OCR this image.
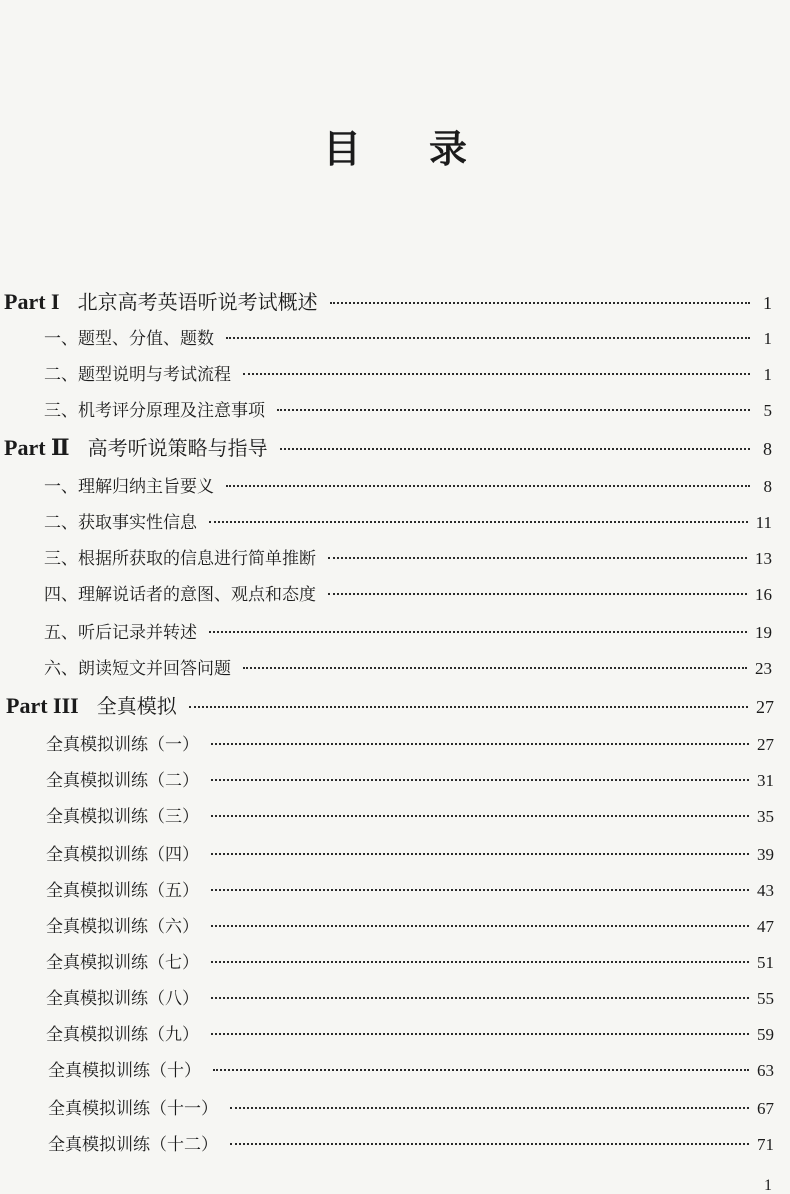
目 录
Part I 北京高考英语听说考试概述	1
一、题型、分值、题数	1
二、题型说明与考试流程	1
三、机考评分原理及注意事项	5
Part Ⅱ 高考听说策略与指导	8
一、理解归纳主旨要义	8
二、获取事实性信息	11
三、根据所获取的信息进行简单推断	13
四、理解说话者的意图、观点和态度	16
五、听后记录并转述	19
六、朗读短文并回答问题	23
Part III 全真模拟	27
全真模拟训练（一）	27
全真模拟训练（二）	31
全真模拟训练（三）	35
全真模拟训练（四）	39
全真模拟训练（五）	43
全真模拟训练（六）	47
全真模拟训练（七）	51
全真模拟训练（八）	55
全真模拟训练（九）	59
全真模拟训练（十）	63
全真模拟训练（十一）	67
全真模拟训练（十二）	71
1
